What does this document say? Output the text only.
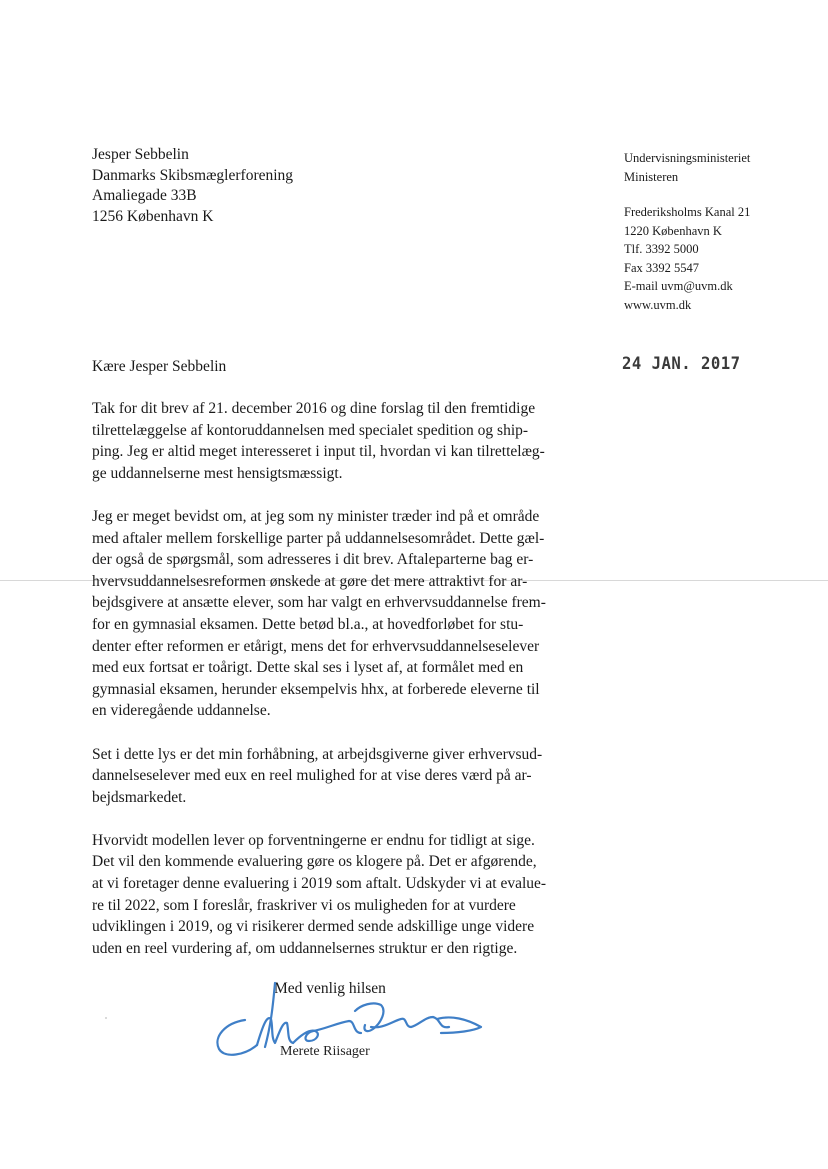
Jesper Sebbelin
Danmarks Skibsmæglerforening
Amaliegade 33B
1256 København K
Undervisningsministeriet
Ministeren
Frederiksholms Kanal 21
1220 København K
Tlf. 3392 5000
Fax 3392 5547
E-mail uvm@uvm.dk
www.uvm.dk
24 JAN. 2017
Kære Jesper Sebbelin

Tak for dit brev af 21. december 2016 og dine forslag til den fremtidige
tilrettelæggelse af kontoruddannelsen med specialet spedition og ship-
ping. Jeg er altid meget interesseret i input til, hvordan vi kan tilrettelæg-
ge uddannelserne mest hensigtsmæssigt.

Jeg er meget bevidst om, at jeg som ny minister træder ind på et område
med aftaler mellem forskellige parter på uddannelsesområdet. Dette gæl-
der også de spørgsmål, som adresseres i dit brev. Aftaleparterne bag er-
hvervsuddannelsesreformen ønskede at gøre det mere attraktivt for ar-
bejdsgivere at ansætte elever, som har valgt en erhvervsuddannelse frem-
for en gymnasial eksamen. Dette betød bl.a., at hovedforløbet for stu-
denter efter reformen er etårigt, mens det for erhvervsuddannelseselever
med eux fortsat er toårigt. Dette skal ses i lyset af, at formålet med en
gymnasial eksamen, herunder eksempelvis hhx, at forberede eleverne til
en videregående uddannelse.

Set i dette lys er det min forhåbning, at arbejdsgiverne giver erhvervsud-
dannelseselever med eux en reel mulighed for at vise deres værd på ar-
bejdsmarkedet.

Hvorvidt modellen lever op forventningerne er endnu for tidligt at sige.
Det vil den kommende evaluering gøre os klogere på. Det er afgørende,
at vi foretager denne evaluering i 2019 som aftalt. Udskyder vi at evalue-
re til 2022, som I foreslår, fraskriver vi os muligheden for at vurdere
udviklingen i 2019, og vi risikerer dermed sende adskillige unge videre
uden en reel vurdering af, om uddannelsernes struktur er den rigtige.

Med venlig hilsen
Merete Riisager
